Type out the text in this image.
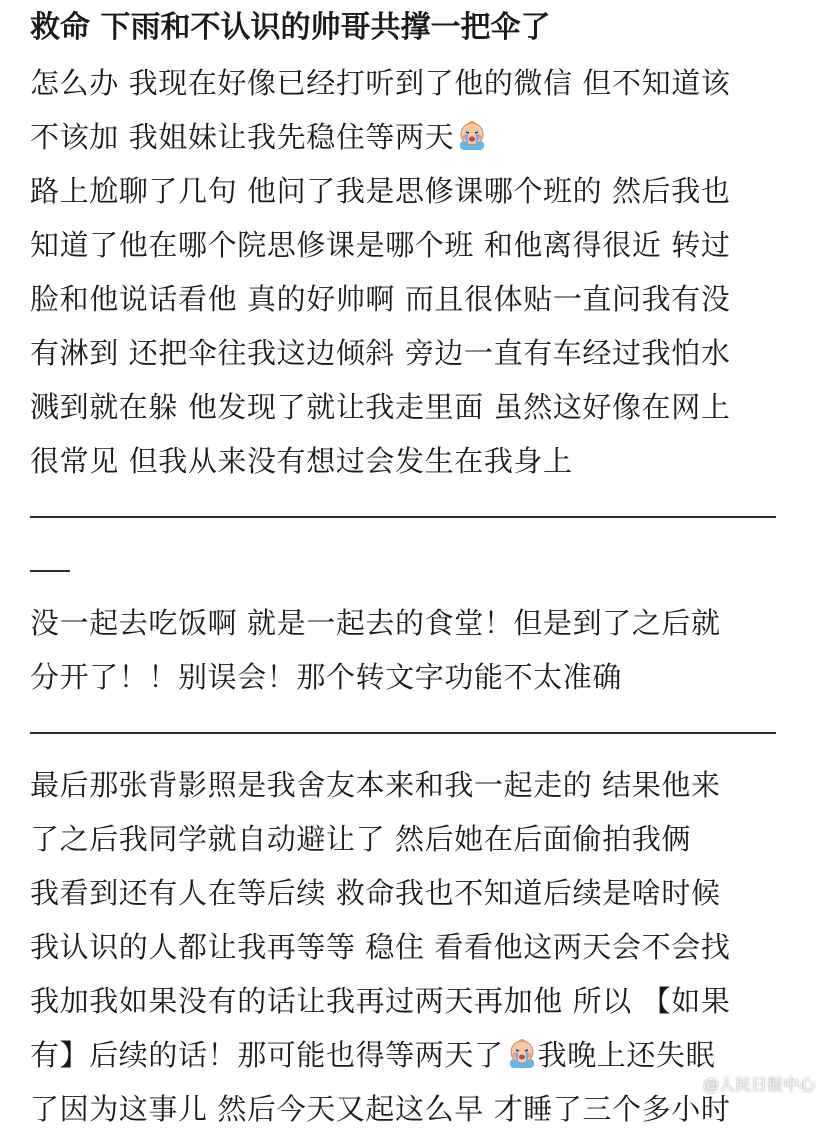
救命 下雨和不认识的帅哥共撑一把伞了
怎么办 我现在好像已经打听到了他的微信 但不知道该
不该加 我姐妹让我先稳住等两天
路上尬聊了几句 他问了我是思修课哪个班的 然后我也
知道了他在哪个院思修课是哪个班 和他离得很近 转过
脸和他说话看他 真的好帅啊 而且很体贴一直问我有没
有淋到 还把伞往我这边倾斜 旁边一直有车经过我怕水
溅到就在躲 他发现了就让我走里面 虽然这好像在网上
很常见 但我从来没有想过会发生在我身上
没一起去吃饭啊 就是一起去的食堂！但是到了之后就
分开了！！别误会！那个转文字功能不太准确
最后那张背影照是我舍友本来和我一起走的 结果他来
了之后我同学就自动避让了 然后她在后面偷拍我俩
我看到还有人在等后续 救命我也不知道后续是啥时候
我认识的人都让我再等等 稳住 看看他这两天会不会找
我加我如果没有的话让我再过两天再加他 所以 【如果
有】后续的话！那可能也得等两天了 我晚上还失眠
了因为这事儿 然后今天又起这么早 才睡了三个多小时
@人民日报中心
